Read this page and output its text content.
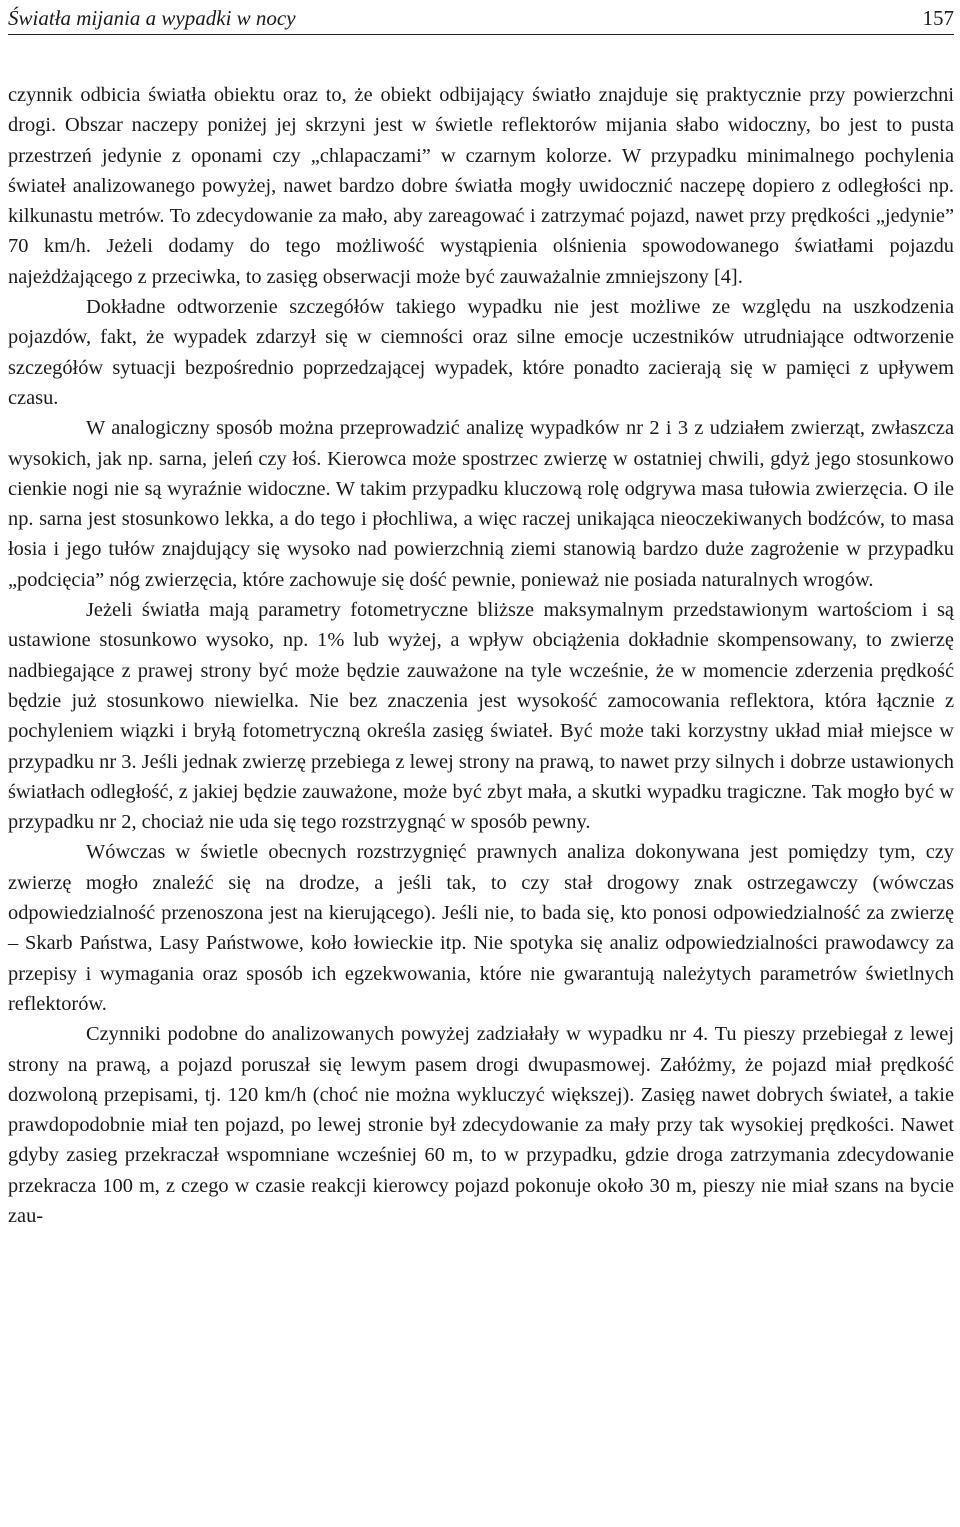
Światła mijania a wypadki w nocy	157

czynnik odbicia światła obiektu oraz to, że obiekt odbijający światło znajduje się praktycznie przy powierzchni drogi. Obszar naczepy poniżej jej skrzyni jest w świetle reflektorów mijania słabo widoczny, bo jest to pusta przestrzeń jedynie z oponami czy „chlapaczami” w czarnym kolorze. W przypadku minimalnego pochylenia świateł analizowanego powyżej, nawet bardzo dobre światła mogły uwidocznić naczepę dopiero z odległości np. kilkunastu metrów. To zdecydowanie za mało, aby zareagować i zatrzymać pojazd, nawet przy prędkości „jedynie” 70 km/h. Jeżeli dodamy do tego możliwość wystąpienia olśnienia spowodowanego światłami pojazdu najeżdżającego z przeciwka, to zasięg obserwacji może być zauważalnie zmniejszony [4].

Dokładne odtworzenie szczegółów takiego wypadku nie jest możliwe ze względu na uszkodzenia pojazdów, fakt, że wypadek zdarzył się w ciemności oraz silne emocje uczestników utrudniające odtworzenie szczegółów sytuacji bezpośrednio poprzedzającej wypadek, które ponadto zacierają się w pamięci z upływem czasu.

W analogiczny sposób można przeprowadzić analizę wypadków nr 2 i 3 z udziałem zwierząt, zwłaszcza wysokich, jak np. sarna, jeleń czy łoś. Kierowca może spostrzec zwierzę w ostatniej chwili, gdyż jego stosunkowo cienkie nogi nie są wyraźnie widoczne. W takim przypadku kluczową rolę odgrywa masa tułowia zwierzęcia. O ile np. sarna jest stosunkowo lekka, a do tego i płochliwa, a więc raczej unikająca nieoczekiwanych bodźców, to masa łosia i jego tułów znajdujący się wysoko nad powierzchnią ziemi stanowią bardzo duże zagrożenie w przypadku „podcięcia” nóg zwierzęcia, które zachowuje się dość pewnie, ponieważ nie posiada naturalnych wrogów.

Jeżeli światła mają parametry fotometryczne bliższe maksymalnym przedstawionym wartościom i są ustawione stosunkowo wysoko, np. 1% lub wyżej, a wpływ obciążenia dokładnie skompensowany, to zwierzę nadbiegające z prawej strony być może będzie zauważone na tyle wcześnie, że w momencie zderzenia prędkość będzie już stosunkowo niewielka. Nie bez znaczenia jest wysokość zamocowania reflektora, która łącznie z pochyleniem wiązki i bryłą fotometryczną określa zasięg świateł. Być może taki korzystny układ miał miejsce w przypadku nr 3. Jeśli jednak zwierzę przebiega z lewej strony na prawą, to nawet przy silnych i dobrze ustawionych światłach odległość, z jakiej będzie zauważone, może być zbyt mała, a skutki wypadku tragiczne. Tak mogło być w przypadku nr 2, chociaż nie uda się tego rozstrzygnąć w sposób pewny.

Wówczas w świetle obecnych rozstrzygnięć prawnych analiza dokonywana jest pomiędzy tym, czy zwierzę mogło znaleźć się na drodze, a jeśli tak, to czy stał drogowy znak ostrzegawczy (wówczas odpowiedzialność przenoszona jest na kierującego). Jeśli nie, to bada się, kto ponosi odpowiedzialność za zwierzę – Skarb Państwa, Lasy Państwowe, koło łowieckie itp. Nie spotyka się analiz odpowiedzialności prawodawcy za przepisy i wymagania oraz sposób ich egzekwowania, które nie gwarantują należytych parametrów świetlnych reflektorów.

Czynniki podobne do analizowanych powyżej zadziałały w wypadku nr 4. Tu pieszy przebiegał z lewej strony na prawą, a pojazd poruszał się lewym pasem drogi dwupasmowej. Załóżmy, że pojazd miał prędkość dozwoloną przepisami, tj. 120 km/h (choć nie można wykluczyć większej). Zasięg nawet dobrych świateł, a takie prawdopodobnie miał ten pojazd, po lewej stronie był zdecydowanie za mały przy tak wysokiej prędkości. Nawet gdyby zasieg przekraczał wspomniane wcześniej 60 m, to w przypadku, gdzie droga zatrzymania zdecydowanie przekracza 100 m, z czego w czasie reakcji kierowcy pojazd pokonuje około 30 m, pieszy nie miał szans na bycie zau-
